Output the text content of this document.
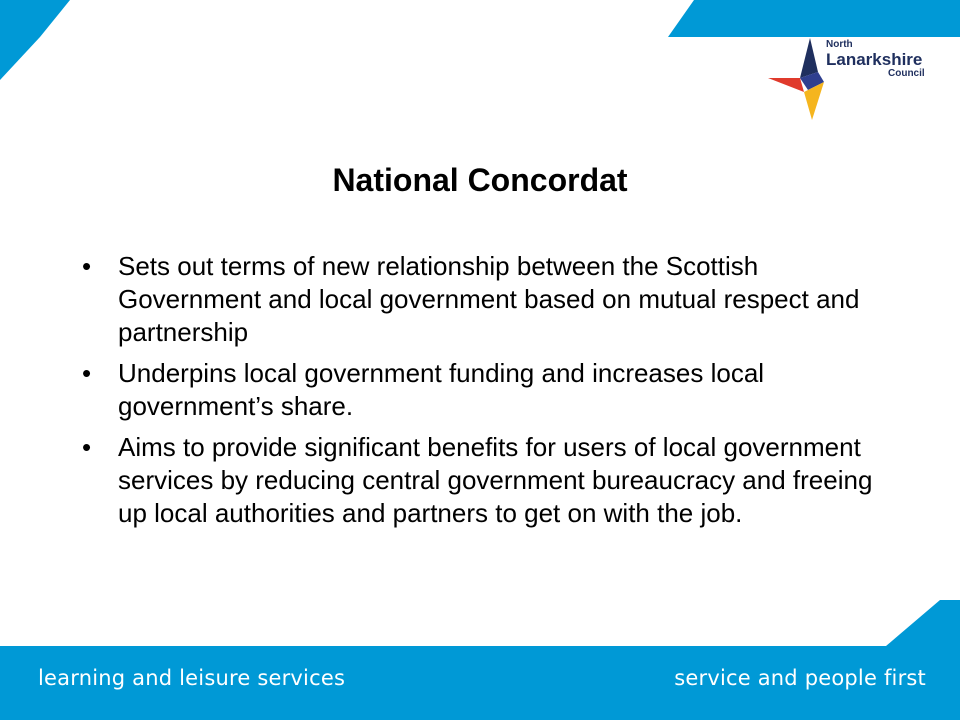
North
Lanarkshire
Council
National Concordat
• Sets out terms of new relationship between the Scottish Government and local government based on mutual respect and partnership
• Underpins local government funding and increases local government’s share.
• Aims to provide significant benefits for users of local government services by reducing central government bureaucracy and freeing up local authorities and partners to get on with the job.
learning and leisure services	service and people first
